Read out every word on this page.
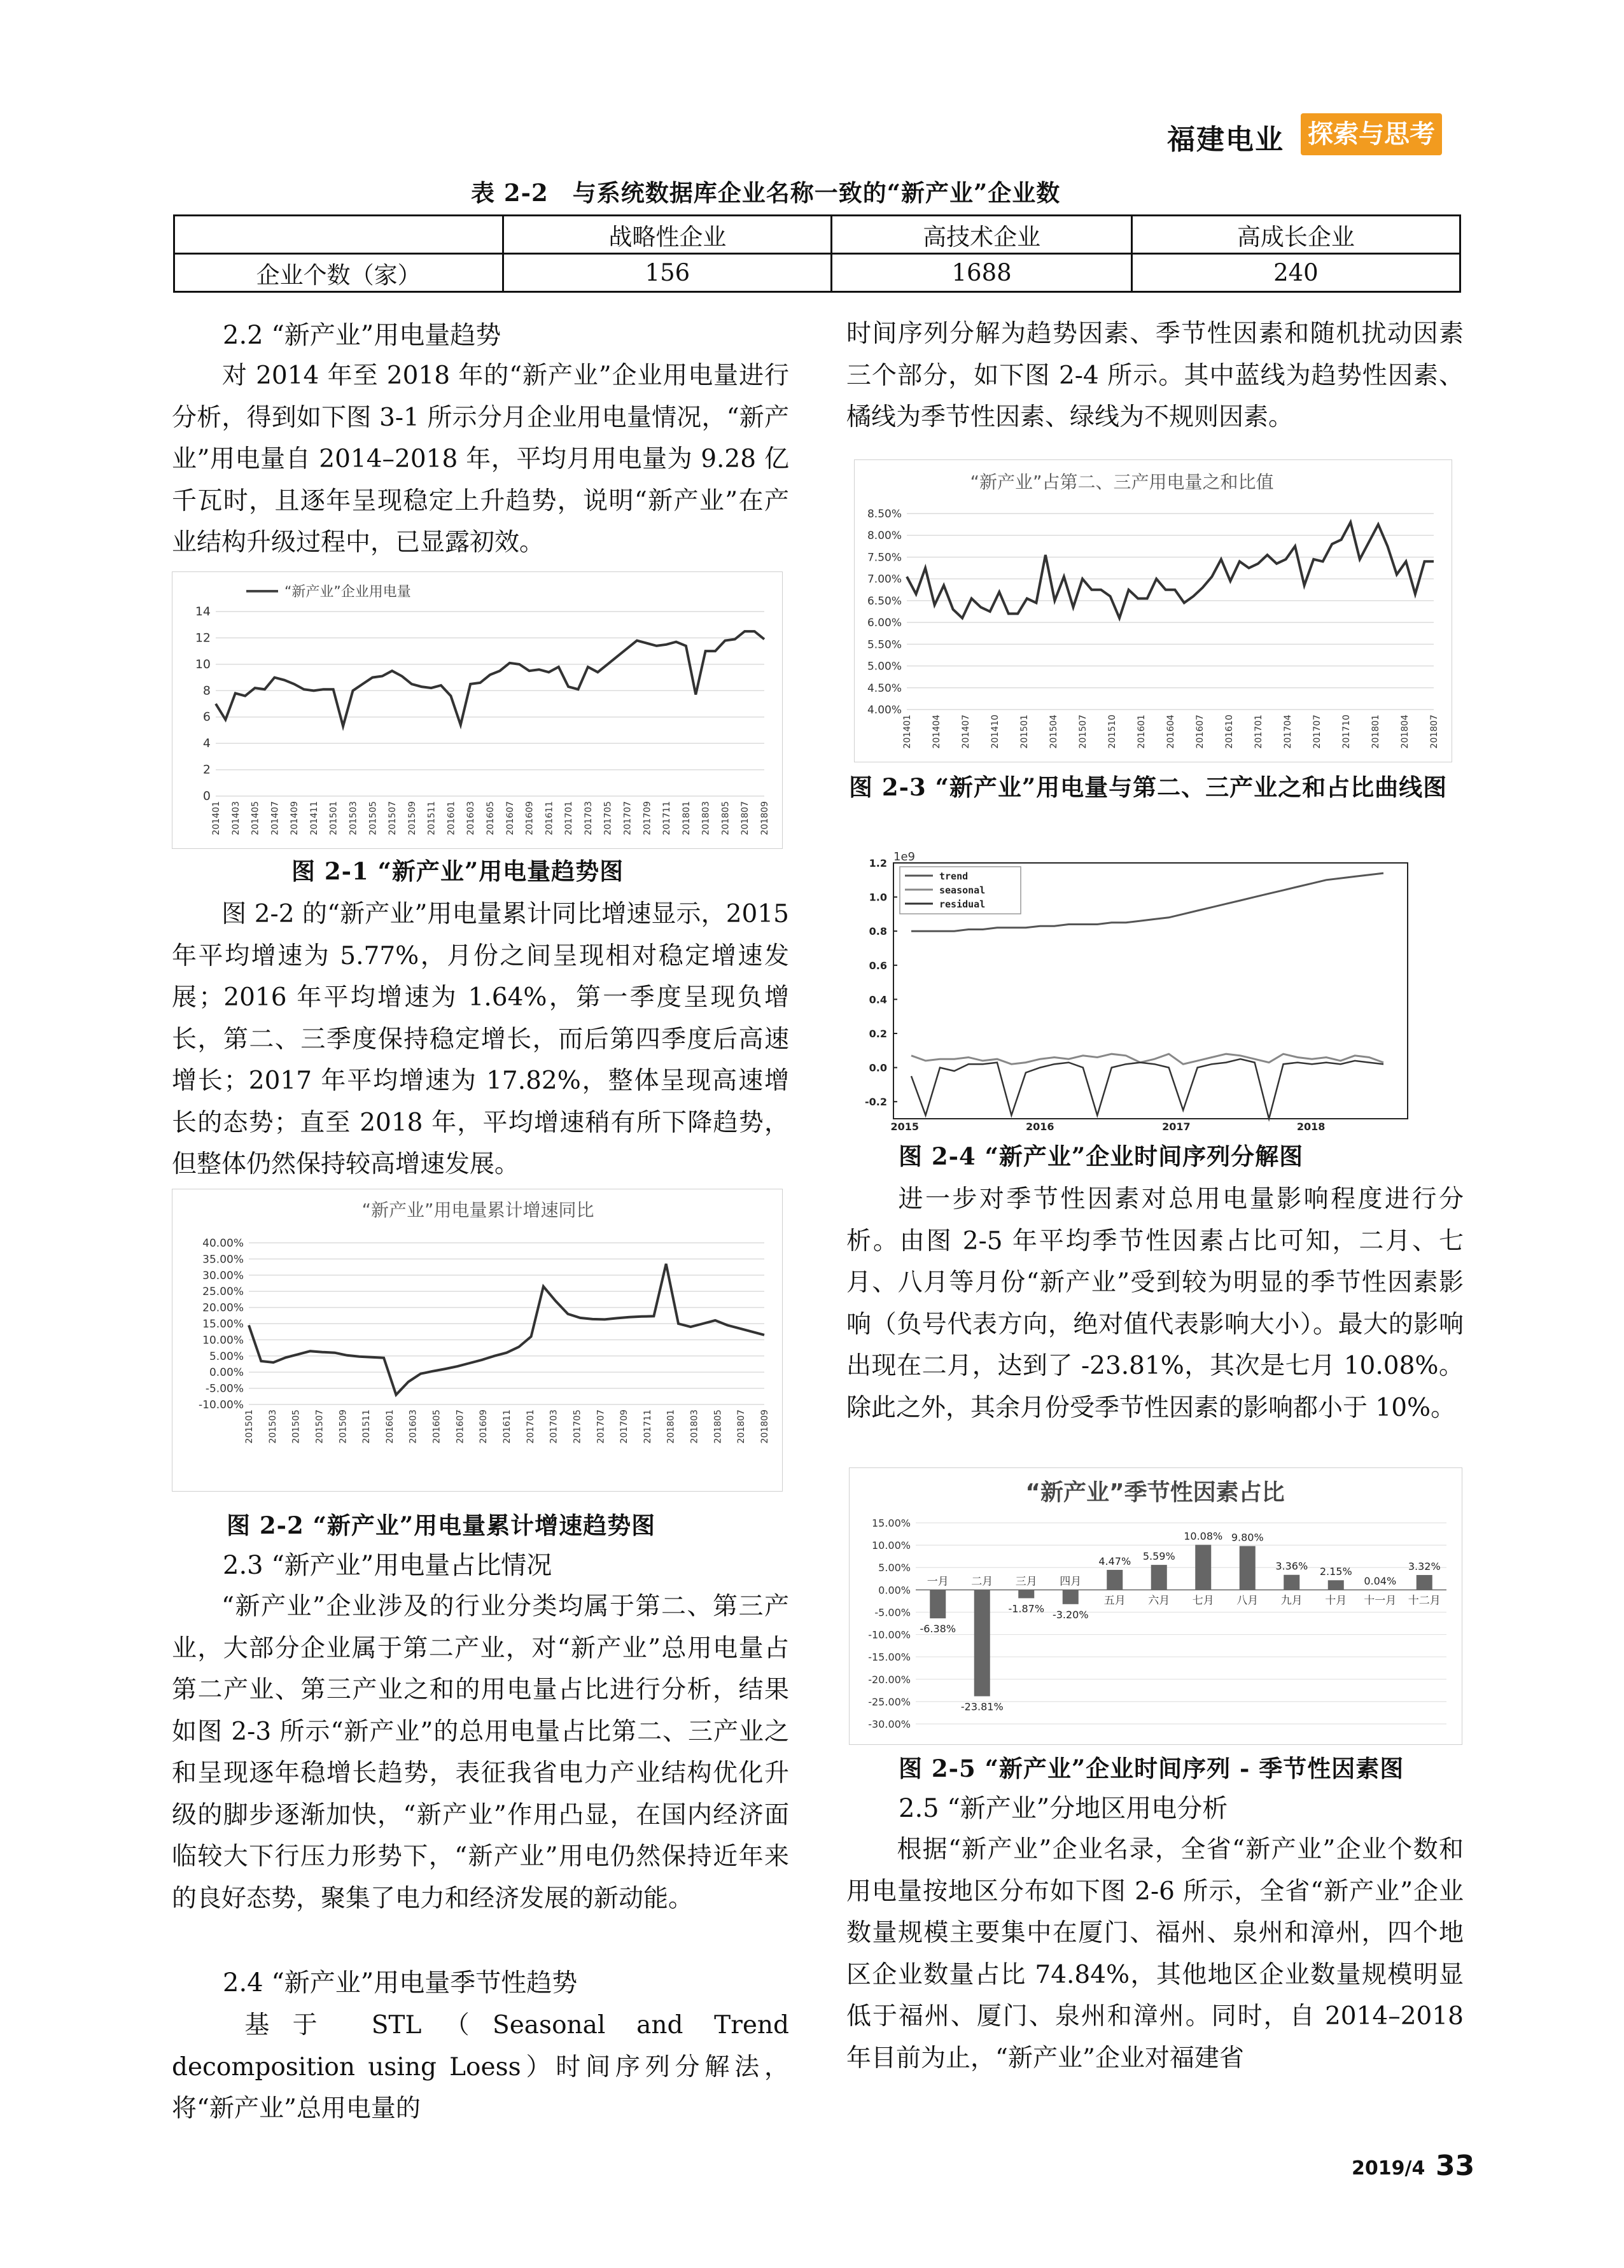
福建电业 探索与思考
表 2-2　与系统数据库企业名称一致的“新产业”企业数
	战略性企业	高技术企业	高成长企业
企业个数（家）	156	1688	240
2.2 “新产业”用电量趋势
对 2014 年至 2018 年的“新产业”企业用电量进行分析，得到如下图 3-1 所示分月企业用电量情况，“新产业”用电量自 2014–2018 年，平均月用电量为 9.28 亿千瓦时，且逐年呈现稳定上升趋势，说明“新产业”在产业结构升级过程中，已显露初效。
“新产业”企业用电量
0
2
4
6
8
10
12
14
201401 201403 201405 201407 201409 201411 201501 201503 201505 201507 201509 201511 201601 201603 201605 201607 201609 201611 201701 201703 201705 201707 201709 201711 201801 201803 201805 201807 201809
图 2-1 “新产业”用电量趋势图
图 2-2 的“新产业”用电量累计同比增速显示，2015 年平均增速为 5.77%，月份之间呈现相对稳定增速发展；2016 年平均增速为 1.64%，第一季度呈现负增长，第二、三季度保持稳定增长，而后第四季度后高速增长；2017 年平均增速为 17.82%，整体呈现高速增长的态势；直至 2018 年，平均增速稍有所下降趋势，但整体仍然保持较高增速发展。
“新产业”用电量累计增速同比
40.00%
35.00%
30.00%
25.00%
20.00%
15.00%
10.00%
5.00%
0.00%
-5.00%
-10.00%
201501 201503 201505 201507 201509 201511 201601 201603 201605 201607 201609 201611 201701 201703 201705 201707 201709 201711 201801 201803 201805 201807 201809
图 2-2 “新产业”用电量累计增速趋势图
2.3 “新产业”用电量占比情况
“新产业”企业涉及的行业分类均属于第二、第三产业，大部分企业属于第二产业，对“新产业”总用电量占第二产业、第三产业之和的用电量占比进行分析，结果如图 2-3 所示“新产业”的总用电量占比第二、三产业之和呈现逐年稳增长趋势，表征我省电力产业结构优化升级的脚步逐渐加快，“新产业”作用凸显，在国内经济面临较大下行压力形势下，“新产业”用电仍然保持近年来的良好态势，聚集了电力和经济发展的新动能。
2.4 “新产业”用电量季节性趋势
基于 STL（Seasonal and Trend decomposition using Loess）时间序列分解法，将“新产业”总用电量的
时间序列分解为趋势因素、季节性因素和随机扰动因素三个部分，如下图 2-4 所示。其中蓝线为趋势性因素、橘线为季节性因素、绿线为不规则因素。
“新产业”占第二、三产用电量之和比值
8.50%
8.00%
7.50%
7.00%
6.50%
6.00%
5.50%
5.00%
4.50%
4.00%
201401 201404 201407 201410 201501 201504 201507 201510 201601 201604 201607 201610 201701 201704 201707 201710 201801 201804 201807
图 2-3 “新产业”用电量与第二、三产业之和占比曲线图
1e9
1.2
1.0
0.8
0.6
0.4
0.2
0.0
-0.2
2015	2016	2017	2018
trend
seasonal
residual
图 2-4 “新产业”企业时间序列分解图
进一步对季节性因素对总用电量影响程度进行分析。由图 2-5 年平均季节性因素占比可知，二月、七月、八月等月份“新产业”受到较为明显的季节性因素影响（负号代表方向，绝对值代表影响大小）。最大的影响出现在二月，达到了 -23.81%，其次是七月 10.08%。除此之外，其余月份受季节性因素的影响都小于 10%。
“新产业”季节性因素占比
15.00%
10.00%
5.00%
0.00%
-5.00%
-10.00%
-15.00%
-20.00%
-25.00%
-30.00%
-6.38%
一月
-23.81%
二月
-1.87%
三月
-3.20%
四月
4.47%
五月
5.59%
六月
10.08%
七月
9.80%
八月
3.36%
九月
2.15%
十月
0.04%
十一月
3.32%
十二月
图 2-5 “新产业”企业时间序列 - 季节性因素图
2.5 “新产业”分地区用电分析
根据“新产业”企业名录，全省“新产业”企业个数和用电量按地区分布如下图 2-6 所示，全省“新产业”企业数量规模主要集中在厦门、福州、泉州和漳州，四个地区企业数量占比 74.84%，其他地区企业数量规模明显低于福州、厦门、泉州和漳州。同时，自 2014–2018 年目前为止，“新产业”企业对福建省
2019/4 33
